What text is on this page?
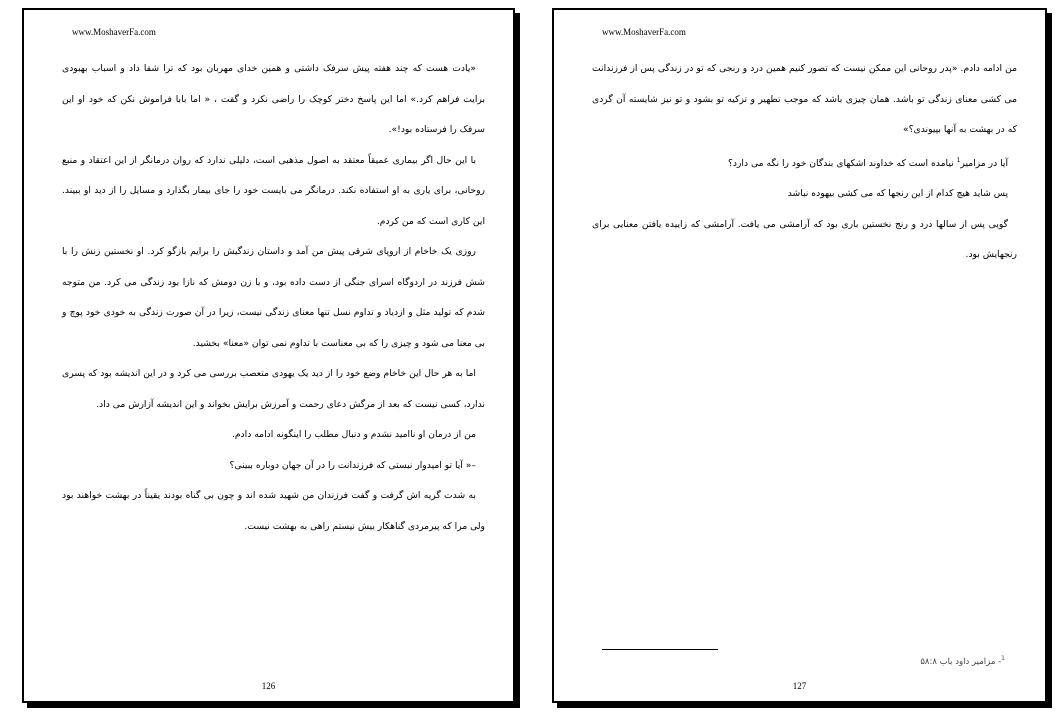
www.MoshaverFa.com

«یادت هست که چند هفته پیش سرفک داشتی و همین خدای مهربان بود که ترا شفا داد و اسباب بهبودی برایت فراهم کرد.» اما این پاسخ دختر کوچک را راضی نکرد و گفت ، « اما بابا فراموش نکن که خود او این سرفک را فرستاده بود!».

با این حال اگر بیماری عمیقاً معتقد به اصول مذهبی است، دلیلی ندارد که روان درمانگر از این اعتقاد و منبع روحانی، برای یاری به او استفاده نکند. درمانگر می بایست خود را جای بیمار بگذارد و مسایل را از دید او ببیند. این کاری است که من کردم.

روزی یک خاخام از اروپای شرقی پیش من آمد و داستان زندگیش را برایم بازگو کرد. او نخستین زنش را با شش فرزند در اردوگاه اسرای جنگی از دست داده بود، و با زن دومش که نازا بود زندگی می کرد. من متوجه شدم که تولید مثل و ازدیاد و تداوم نسل تنها معنای زندگی نیست، زیرا در آن صورت زندگی به خودی خود پوچ و بی معنا می شود و چیزی را که بی معناست با تداوم نمی توان «معنا» بخشید.

اما به هر حال این خاخام وضع خود را از دید یک یهودی متعصب بررسی می کرد و در این اندیشه بود که پسری ندارد، کسی نیست که بعد از مرگش دعای رحمت و آمرزش برایش بخواند و این اندیشه آزارش می داد.

من از درمان او ناامید نشدم و دنبال مطلب را اینگونه ادامه دادم.

–« آیا تو امیدوار نیستی که فرزندانت را در آن جهان دوباره ببینی؟

به شدت گریه اش گرفت و گفت فرزندان من شهید شده اند و چون بی گناه بودند یقیناً در بهشت خواهند بود ولی مرا که پیرمردی گناهکار بیش نیستم راهی به بهشت نیست.

126
www.MoshaverFa.com

من ادامه دادم. «پدر روحانی این ممکن نیست که تصور کنیم همین درد و رنجی که تو در زندگی پس از فرزندانت می کشی معنای زندگی تو باشد. همان چیزی باشد که موجب تطهیر و تزکیه تو بشود و تو نیز شایسته آن گردی که در بهشت به آنها بپیوندی؟»

آیا در مزامیر$^1$ نیامده است که خداوند اشکهای بندگان خود را نگه می دارد؟

پس شاید هیچ کدام از این رنجها که می کشی بیهوده نباشد

گویی پس از سالها درد و رنج نخستین باری بود که آرامشی می یافت. آرامشی که زاییده یافتن معنایی برای رنجهایش بود.

$^1$- مزامیر داود باب ۵۸:۸
127
